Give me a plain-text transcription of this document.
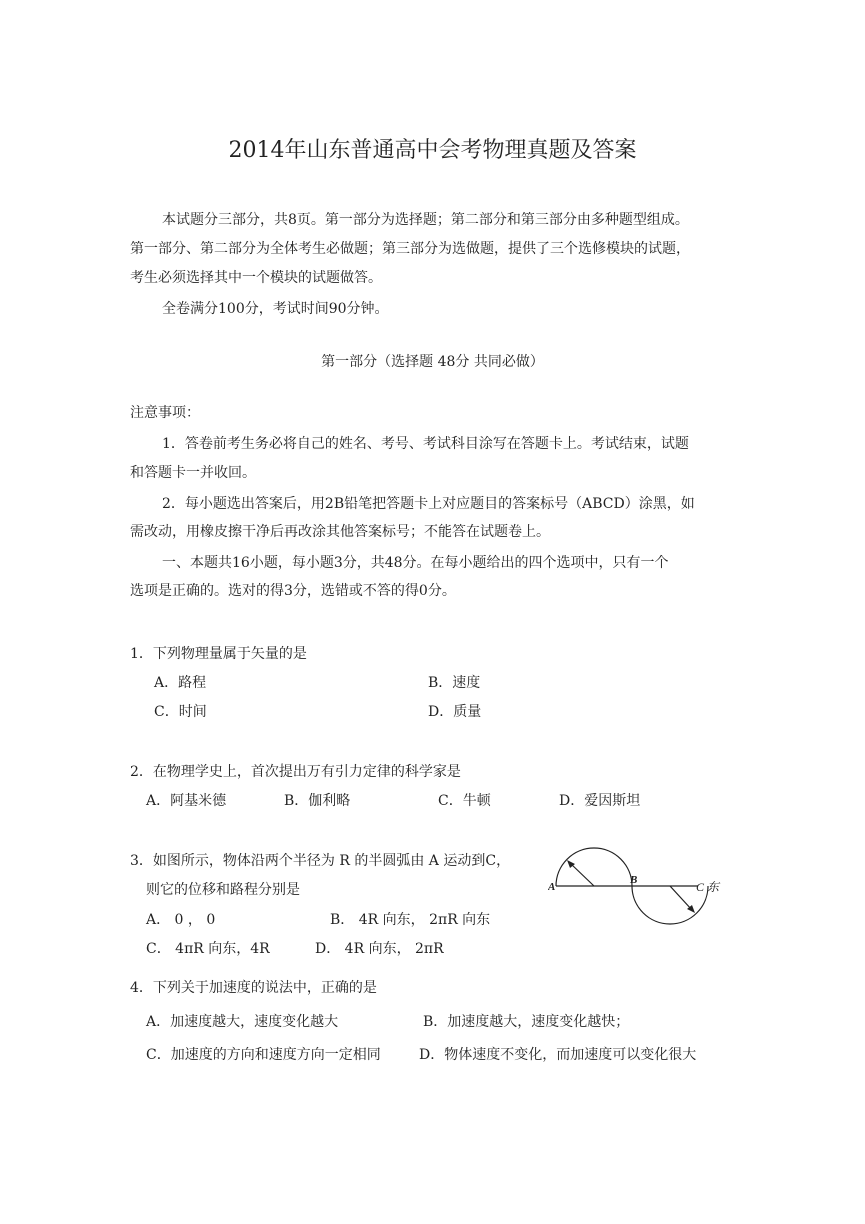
2014年山东普通高中会考物理真题及答案
本试题分三部分，共8页。第一部分为选择题；第二部分和第三部分由多种题型组成。
第一部分、第二部分为全体考生必做题；第三部分为选做题，提供了三个选修模块的试题，
考生必须选择其中一个模块的试题做答。
全卷满分100分，考试时间90分钟。
第一部分（选择题 48分 共同必做）
注意事项：
1．答卷前考生务必将自己的姓名、考号、考试科目涂写在答题卡上。考试结束，试题
和答题卡一并收回。
2．每小题选出答案后，用2B铅笔把答题卡上对应题目的答案标号（ABCD）涂黑，如
需改动，用橡皮擦干净后再改涂其他答案标号；不能答在试题卷上。
一、本题共16小题，每小题3分，共48分。在每小题给出的四个选项中，只有一个
选项是正确的。选对的得3分，选错或不答的得0分。
1．下列物理量属于矢量的是
A．路程	B．速度
C．时间	D．质量
2．在物理学史上，首次提出万有引力定律的科学家是
A．阿基米德	B．伽利略	C．牛顿	D．爱因斯坦
3．如图所示，物体沿两个半径为 R 的半圆弧由 A 运动到C，
则它的位移和路程分别是
A． 0 ， 0	B． 4R 向东， 2πR 向东
C． 4πR 向东，4R	D． 4R 向东， 2πR
A
B	C 东
4．下列关于加速度的说法中，正确的是
A．加速度越大，速度变化越大	B．加速度越大，速度变化越快；
C．加速度的方向和速度方向一定相同	D．物体速度不变化，而加速度可以变化很大
